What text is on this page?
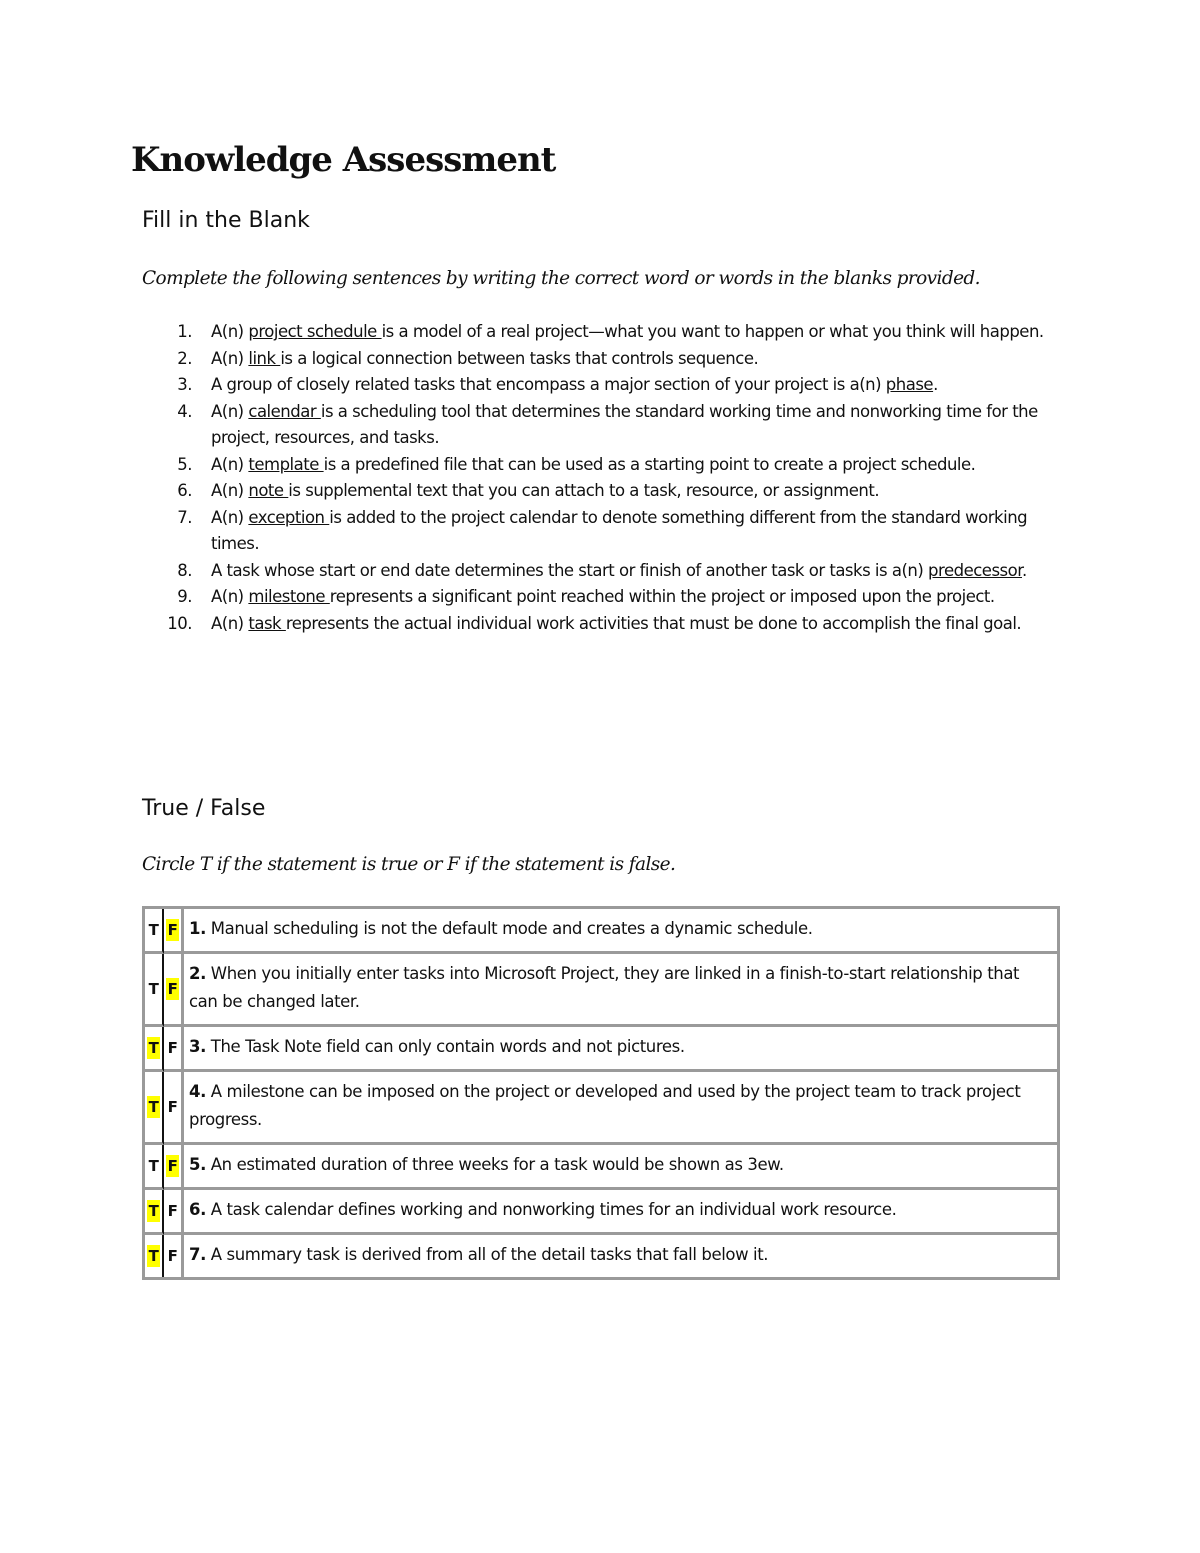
Knowledge Assessment
Fill in the Blank

Complete the following sentences by writing the correct word or words in the blanks provided.

1. A(n) project schedule is a model of a real project—what you want to happen or what you think will happen.
2. A(n) link is a logical connection between tasks that controls sequence.
3. A group of closely related tasks that encompass a major section of your project is a(n) phase.
4. A(n) calendar is a scheduling tool that determines the standard working time and nonworking time for the project, resources, and tasks.
5. A(n) template is a predefined file that can be used as a starting point to create a project schedule.
6. A(n) note is supplemental text that you can attach to a task, resource, or assignment.
7. A(n) exception is added to the project calendar to denote something different from the standard working times.
8. A task whose start or end date determines the start or finish of another task or tasks is a(n) predecessor.
9. A(n) milestone represents a significant point reached within the project or imposed upon the project.
10. A(n) task represents the actual individual work activities that must be done to accomplish the final goal.
True / False

Circle T if the statement is true or F if the statement is false.

T	F	1. Manual scheduling is not the default mode and creates a dynamic schedule.
T	F	2. When you initially enter tasks into Microsoft Project, they are linked in a finish-to-start relationship that can be changed later.
T	F	3. The Task Note field can only contain words and not pictures.
T	F	4. A milestone can be imposed on the project or developed and used by the project team to track project progress.
T	F	5. An estimated duration of three weeks for a task would be shown as 3ew.
T	F	6. A task calendar defines working and nonworking times for an individual work resource.
T	F	7. A summary task is derived from all of the detail tasks that fall below it.
